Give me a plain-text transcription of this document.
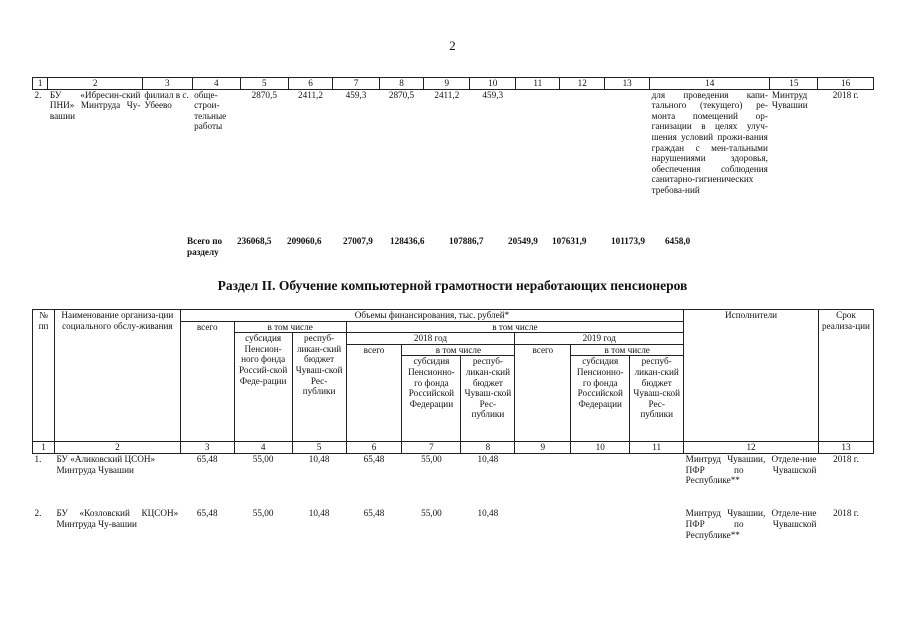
2
1	2	3	4	5	6	7	8	9	10	11	12	13	14	15	16
2.	БУ «Ибресин-ский ПНИ» Минтруда Чу-вашии	филиал в с. Убеево	обще-строи-тельные работы	2870,5	2411,2	459,3	2870,5	2411,2	459,3				для проведения капи-тального (текущего) ре-монта помещений ор-ганизации в целях улуч-шения условий прожи-вания граждан с мен-тальными нарушениями здоровья, обеспечения соблюдения санитарно-гигиенических требова-ний	Минтруд Чувашии	2018 г.
Всего по разделу	236068,5	209060,6	27007,9	128436,6	107886,7	20549,9	107631,9	101173,9	6458,0
Раздел II. Обучение компьютерной грамотности неработающих пенсионеров
№ пп	Наименование организа-ции социального обслу-живания	Объемы финансирования, тыс. рублей*									Исполнители	Срок реализа-ции
		всего	в том числе		в том числе							
			субсидия Пенсион-ного фонда Россий-ской Феде-рации	респуб-ликан-ский бюджет Чуваш-ской Рес-публики	2018 год			2019 год				
					всего	в том числе		всего	в том числе			
						субсидия Пенсионно-го фонда Российской Федерации	респуб-ликан-ский бюджет Чуваш-ской Рес-публики		субсидия Пенсионно-го фонда Российской Федерации	респуб-ликан-ский бюджет Чуваш-ской Рес-публики		

1	2	3	4	5	6	7	8	9	10	11	12	13
1.	БУ «Аликовский ЦСОН» Минтруда Чувашии	65,48	55,00	10,48	65,48	55,00	10,48				Минтруд Чувашии, Отделе-ние ПФР по Чувашской Республике**	2018 г.
2.	БУ «Козловский КЦСОН» Минтруда Чу-вашии	65,48	55,00	10,48	65,48	55,00	10,48				Минтруд Чувашии, Отделе-ние ПФР по Чувашской Республике**	2018 г.
